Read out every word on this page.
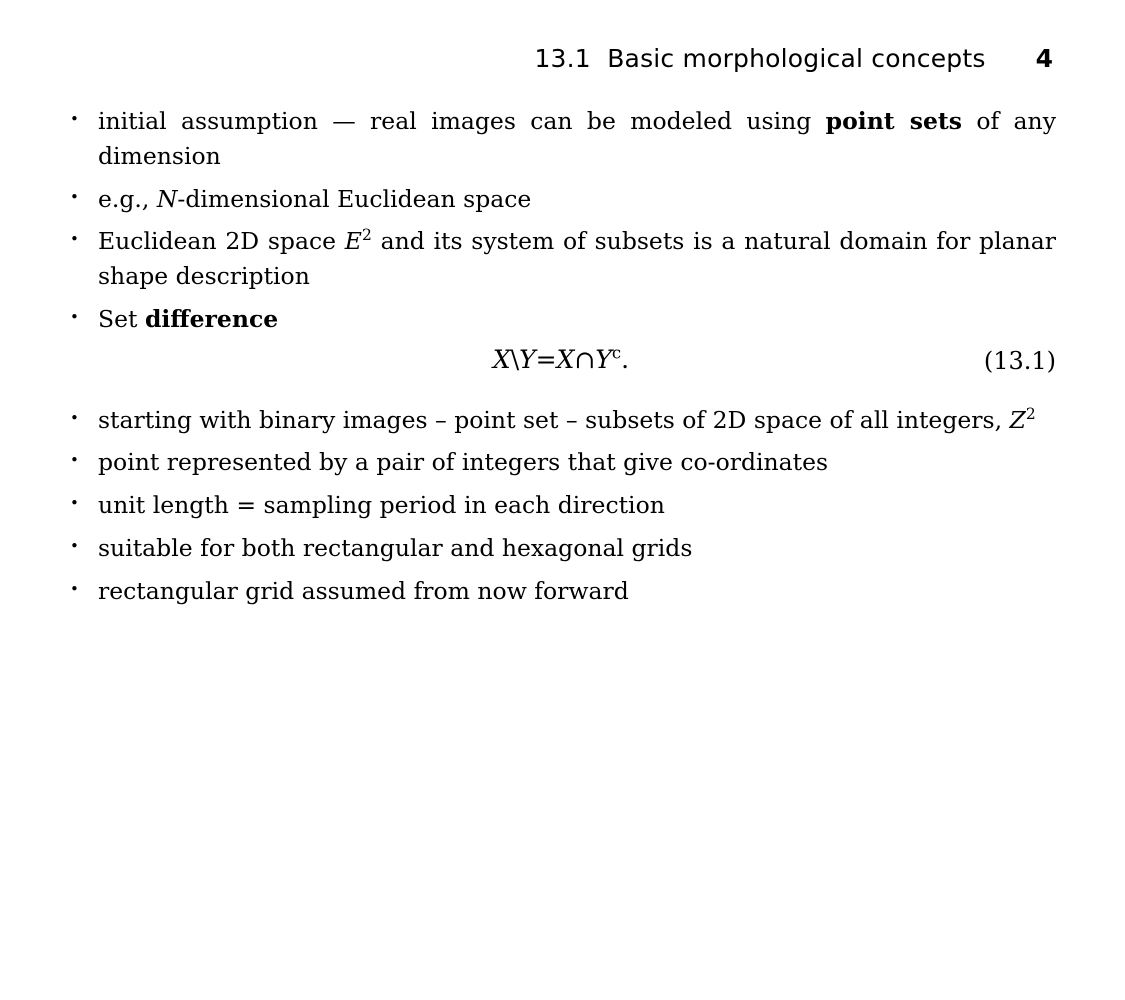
13.1  Basic morphological concepts 4
• initial assumption — real images can be modeled using point sets of any dimension
• e.g., N-dimensional Euclidean space
• Euclidean 2D space $E^2$ and its system of subsets is a natural domain for planar shape description
• Set difference
$X\backslash Y=X\cap Y^c$.	(13.1)
• starting with binary images – point set – subsets of 2D space of all integers, $Z^2$
• point represented by a pair of integers that give co-ordinates
• unit length = sampling period in each direction
• suitable for both rectangular and hexagonal grids
• rectangular grid assumed from now forward
